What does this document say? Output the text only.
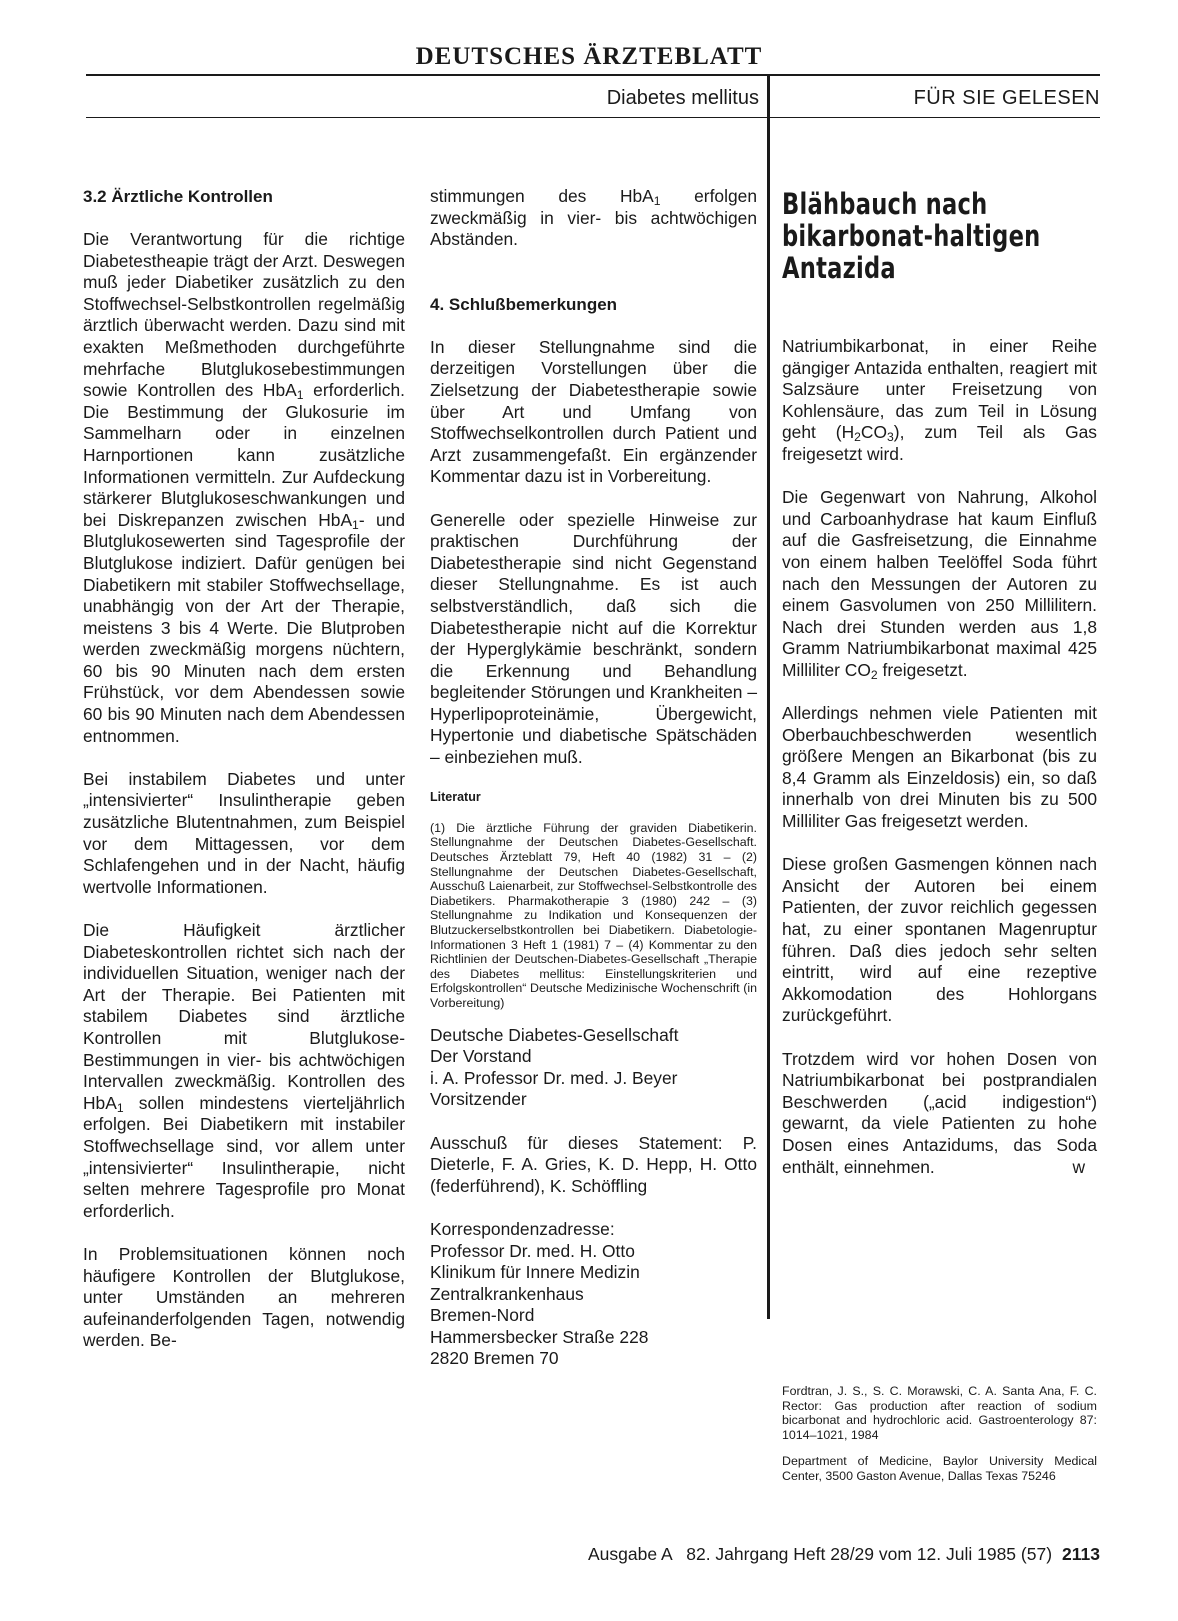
DEUTSCHES ÄRZTEBLATT
Diabetes mellitus	FÜR SIE GELESEN
3.2 Ärztliche Kontrollen

Die Verantwortung für die richtige Diabetestheapie trägt der Arzt. Deswegen muß jeder Diabetiker zusätzlich zu den Stoffwechsel-Selbstkontrollen regelmäßig ärztlich überwacht werden. Dazu sind mit exakten Meßmethoden durchgeführte mehrfache Blutglukosebestimmungen sowie Kontrollen des HbA$_1$ erforderlich. Die Bestimmung der Glukosurie im Sammelharn oder in einzelnen Harnportionen kann zusätzliche Informationen vermitteln. Zur Aufdeckung stärkerer Blutglukoseschwankungen und bei Diskrepanzen zwischen HbA$_1$- und Blutglukosewerten sind Tagesprofile der Blutglukose indiziert. Dafür genügen bei Diabetikern mit stabiler Stoffwechsellage, unabhängig von der Art der Therapie, meistens 3 bis 4 Werte. Die Blutproben werden zweckmäßig morgens nüchtern, 60 bis 90 Minuten nach dem ersten Frühstück, vor dem Abendessen sowie 60 bis 90 Minuten nach dem Abendessen entnommen.

Bei instabilem Diabetes und unter „intensivierter“ Insulintherapie geben zusätzliche Blutentnahmen, zum Beispiel vor dem Mittagessen, vor dem Schlafengehen und in der Nacht, häufig wertvolle Informationen.

Die Häufigkeit ärztlicher Diabeteskontrollen richtet sich nach der individuellen Situation, weniger nach der Art der Therapie. Bei Patienten mit stabilem Diabetes sind ärztliche Kontrollen mit Blutglukose-Bestimmungen in vier- bis achtwöchigen Intervallen zweckmäßig. Kontrollen des HbA$_1$ sollen mindestens vierteljährlich erfolgen. Bei Diabetikern mit instabiler Stoffwechsellage sind, vor allem unter „intensivierter“ Insulintherapie, nicht selten mehrere Tagesprofile pro Monat erforderlich.

In Problemsituationen können noch häufigere Kontrollen der Blutglukose, unter Umständen an mehreren aufeinanderfolgenden Tagen, notwendig werden. Be-

stimmungen des HbA$_1$ erfolgen zweckmäßig in vier- bis achtwöchigen Abständen.

4. Schlußbemerkungen

In dieser Stellungnahme sind die derzeitigen Vorstellungen über die Zielsetzung der Diabetestherapie sowie über Art und Umfang von Stoffwechselkontrollen durch Patient und Arzt zusammengefaßt. Ein ergänzender Kommentar dazu ist in Vorbereitung.

Generelle oder spezielle Hinweise zur praktischen Durchführung der Diabetestherapie sind nicht Gegenstand dieser Stellungnahme. Es ist auch selbstverständlich, daß sich die Diabetestherapie nicht auf die Korrektur der Hyperglykämie beschränkt, sondern die Erkennung und Behandlung begleitender Störungen und Krankheiten – Hyperlipoproteinämie, Übergewicht, Hypertonie und diabetische Spätschäden – einbeziehen muß.

Literatur

(1) Die ärztliche Führung der graviden Diabetikerin. Stellungnahme der Deutschen Diabetes-Gesellschaft. Deutsches Ärzteblatt 79, Heft 40 (1982) 31 – (2) Stellungnahme der Deutschen Diabetes-Gesellschaft, Ausschuß Laienarbeit, zur Stoffwechsel-Selbstkontrolle des Diabetikers. Pharmakotherapie 3 (1980) 242 – (3) Stellungnahme zu Indikation und Konsequenzen der Blutzuckerselbstkontrollen bei Diabetikern. Diabetologie-Informationen 3 Heft 1 (1981) 7 – (4) Kommentar zu den Richtlinien der Deutschen-Diabetes-Gesellschaft „Therapie des Diabetes mellitus: Einstellungskriterien und Erfolgskontrollen“ Deutsche Medizinische Wochenschrift (in Vorbereitung)

Deutsche Diabetes-Gesellschaft
Der Vorstand
i. A. Professor Dr. med. J. Beyer
Vorsitzender

Ausschuß für dieses Statement: P. Dieterle, F. A. Gries, K. D. Hepp, H. Otto (federführend), K. Schöffling

Korrespondenzadresse:
Professor Dr. med. H. Otto
Klinikum für Innere Medizin
Zentralkrankenhaus
Bremen-Nord
Hammersbecker Straße 228
2820 Bremen 70
Blähbauch nach bikarbonat-haltigen Antazida

Natriumbikarbonat, in einer Reihe gängiger Antazida enthalten, reagiert mit Salzsäure unter Freisetzung von Kohlensäure, das zum Teil in Lösung geht $(H_2CO_3)$, zum Teil als Gas freigesetzt wird.

Die Gegenwart von Nahrung, Alkohol und Carboanhydrase hat kaum Einfluß auf die Gasfreisetzung, die Einnahme von einem halben Teelöffel Soda führt nach den Messungen der Autoren zu einem Gasvolumen von 250 Millilitern. Nach drei Stunden werden aus 1,8 Gramm Natriumbikarbonat maximal 425 Milliliter $CO_2$ freigesetzt.

Allerdings nehmen viele Patienten mit Oberbauchbeschwerden wesentlich größere Mengen an Bikarbonat (bis zu 8,4 Gramm als Einzeldosis) ein, so daß innerhalb von drei Minuten bis zu 500 Milliliter Gas freigesetzt werden.

Diese großen Gasmengen können nach Ansicht der Autoren bei einem Patienten, der zuvor reichlich gegessen hat, zu einer spontanen Magenruptur führen. Daß dies jedoch sehr selten eintritt, wird auf eine rezeptive Akkomodation des Hohlorgans zurückgeführt.

Trotzdem wird vor hohen Dosen von Natriumbikarbonat bei postprandialen Beschwerden („acid indigestion“) gewarnt, da viele Patienten zu hohe Dosen eines Antazidums, das Soda enthält, einnehmen.	w

Fordtran, J. S., S. C. Morawski, C. A. Santa Ana, F. C. Rector: Gas production after reaction of sodium bicarbonat and hydrochloric acid. Gastroenterology 87: 1014–1021, 1984

Department of Medicine, Baylor University Medical Center, 3500 Gaston Avenue, Dallas Texas 75246

Ausgabe A   82. Jahrgang Heft 28/29 vom 12. Juli 1985 (57) 2113
